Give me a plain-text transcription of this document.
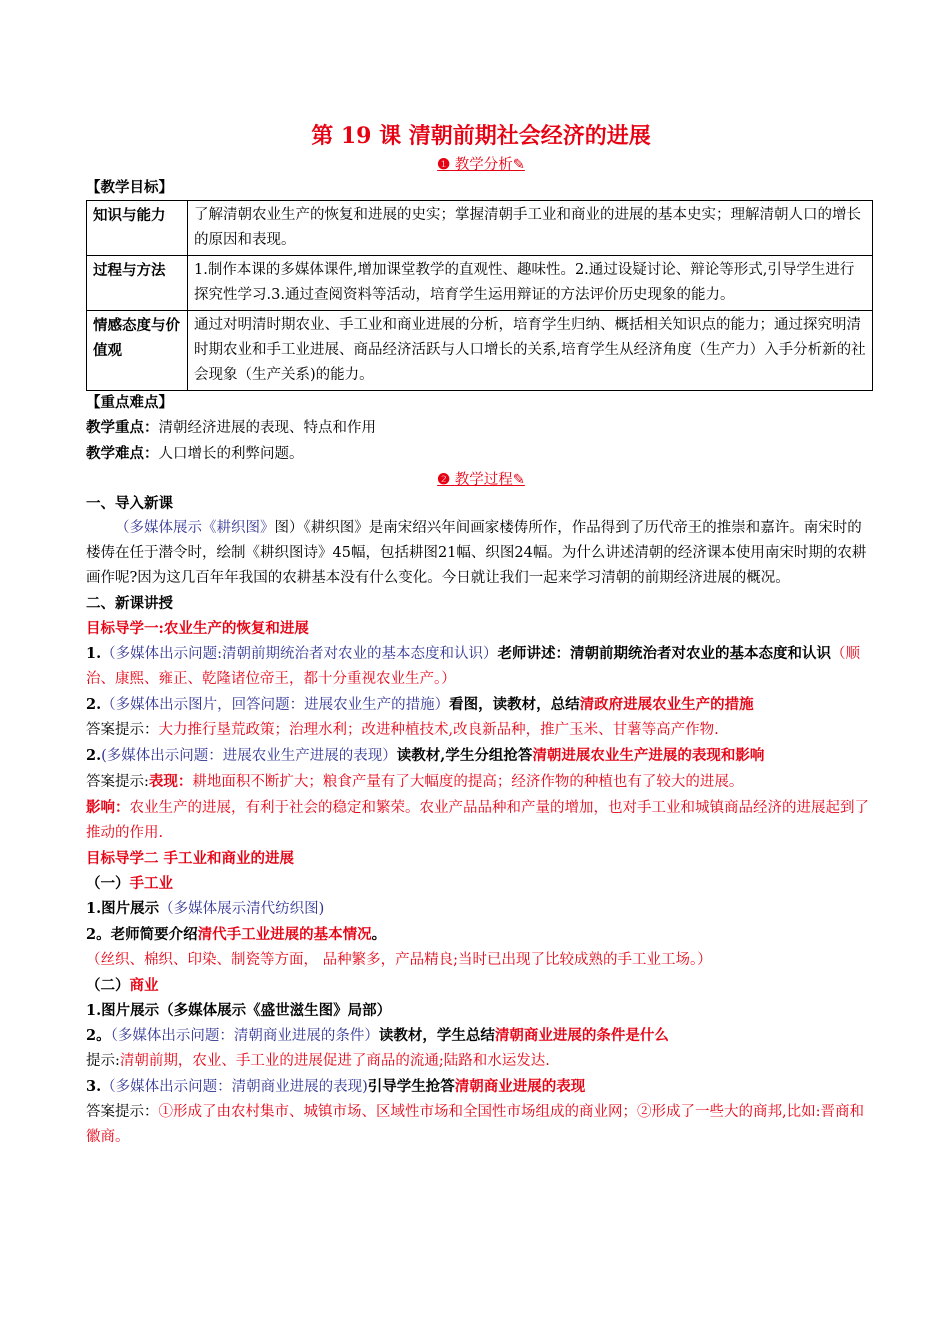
第 19 课 清朝前期社会经济的进展
❶ 教学分析✎
【教学目标】
知识与能力	了解清朝农业生产的恢复和进展的史实；掌握清朝手工业和商业的进展的基本史实；理解清朝人口的增长的原因和表现。
过程与方法	1.制作本课的多媒体课件,增加课堂教学的直观性、趣味性。2.通过设疑讨论、辩论等形式,引导学生进行探究性学习.3.通过查阅资料等活动，培育学生运用辩证的方法评价历史现象的能力。
情感态度与价值观	通过对明清时期农业、手工业和商业进展的分析，培育学生归纳、概括相关知识点的能力；通过探究明清时期农业和手工业进展、商品经济活跃与人口增长的关系,培育学生从经济角度（生产力）入手分析新的社会现象（生产关系)的能力。
【重点难点】
教学重点：清朝经济进展的表现、特点和作用
教学难点：人口增长的利弊问题。
❷ 教学过程✎
一、导入新课
（多媒体展示《耕织图》图）《耕织图》是南宋绍兴年间画家楼俦所作，作品得到了历代帝王的推崇和嘉许。南宋时的楼俦在任于潜令时，绘制《耕织图诗》45幅，包括耕图21幅、织图24幅。为什么讲述清朝的经济课本使用南宋时期的农耕画作呢?因为这几百年年我国的农耕基本没有什么变化。今日就让我们一起来学习清朝的前期经济进展的概况。
二、新课讲授
目标导学一:农业生产的恢复和进展
1.（多媒体出示问题:清朝前期统治者对农业的基本态度和认识）老师讲述：清朝前期统治者对农业的基本态度和认识（顺治、康熙、雍正、乾隆诸位帝王，都十分重视农业生产。）
2.（多媒体出示图片，回答问题：进展农业生产的措施）看图，读教材，总结清政府进展农业生产的措施
答案提示：大力推行垦荒政策；治理水利；改进种植技术,改良新品种，推广玉米、甘薯等高产作物.
2.(多媒体出示问题：进展农业生产进展的表现）读教材,学生分组抢答清朝进展农业生产进展的表现和影响
答案提示:表现：耕地面积不断扩大；粮食产量有了大幅度的提高；经济作物的种植也有了较大的进展。
影响：农业生产的进展，有利于社会的稳定和繁荣。农业产品品种和产量的增加，也对手工业和城镇商品经济的进展起到了推动的作用.
目标导学二 手工业和商业的进展
（一）手工业
1.图片展示（多媒体展示清代纺织图)
2。老师简要介绍清代手工业进展的基本情况。
（丝织、棉织、印染、制瓷等方面， 品种繁多，产品精良;当时已出现了比较成熟的手工业工场。）
（二）商业
1.图片展示（多媒体展示《盛世滋生图》局部）
2。（多媒体出示问题：清朝商业进展的条件）读教材，学生总结清朝商业进展的条件是什么
提示:清朝前期，农业、手工业的进展促进了商品的流通;陆路和水运发达.
3.（多媒体出示问题：清朝商业进展的表现)引导学生抢答清朝商业进展的表现
答案提示：①形成了由农村集市、城镇市场、区域性市场和全国性市场组成的商业网；②形成了一些大的商邦,比如:晋商和徽商。
